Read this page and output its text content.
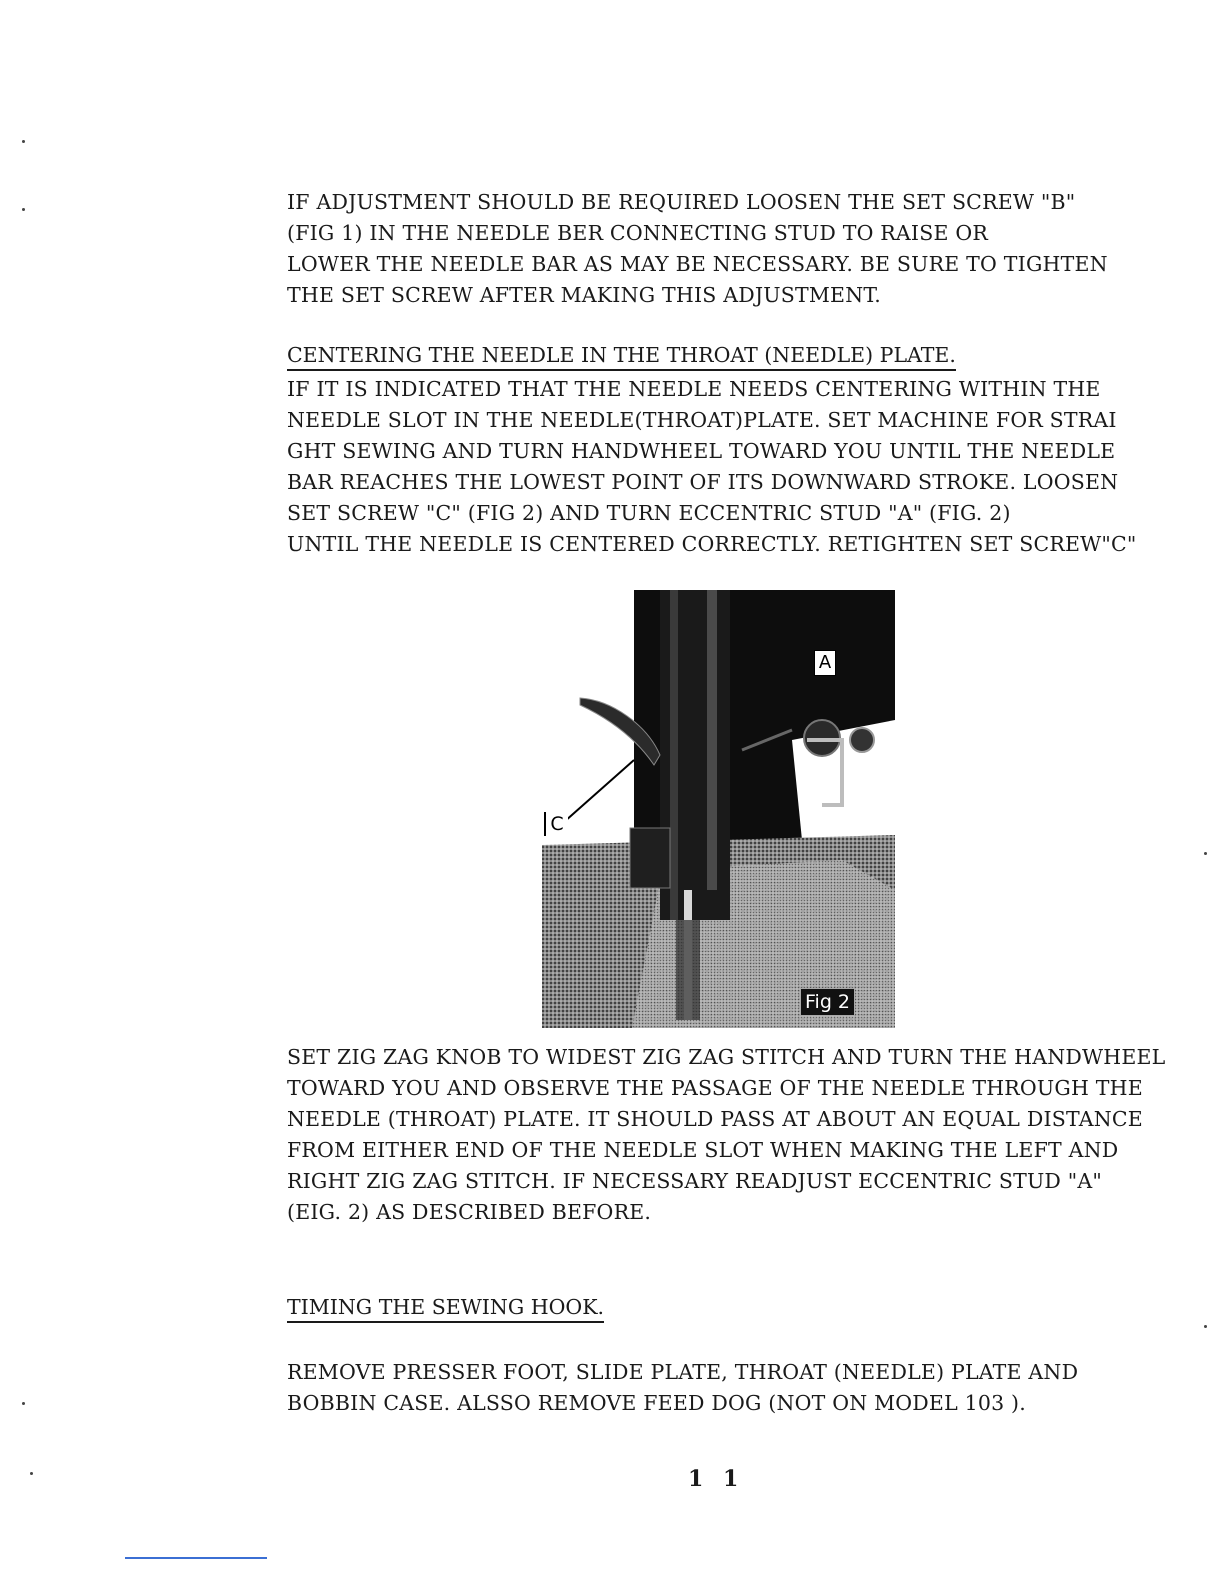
IF ADJUSTMENT SHOULD BE REQUIRED LOOSEN THE SET SCREW "B"
(FIG 1) IN THE NEEDLE BER CONNECTING STUD TO RAISE OR
LOWER THE NEEDLE BAR AS MAY BE NECESSARY. BE SURE TO TIGHTEN
THE SET SCREW AFTER MAKING THIS ADJUSTMENT.
CENTERING THE NEEDLE IN THE THROAT (NEEDLE) PLATE.
IF IT IS INDICATED THAT THE NEEDLE NEEDS CENTERING WITHIN THE
NEEDLE SLOT IN THE NEEDLE(THROAT)PLATE. SET MACHINE FOR STRAI
GHT SEWING AND TURN HANDWHEEL TOWARD YOU UNTIL THE NEEDLE
BAR REACHES THE LOWEST POINT OF ITS DOWNWARD STROKE. LOOSEN
SET SCREW "C" (FIG 2) AND TURN ECCENTRIC STUD "A" (FIG. 2)
UNTIL THE NEEDLE IS CENTERED CORRECTLY. RETIGHTEN SET SCREW"C"
A
C
Fig 2
SET ZIG ZAG KNOB TO WIDEST ZIG ZAG STITCH AND TURN THE HANDWHEEL
TOWARD YOU AND OBSERVE THE PASSAGE OF THE NEEDLE THROUGH THE
NEEDLE (THROAT) PLATE. IT SHOULD PASS AT ABOUT AN EQUAL DISTANCE
FROM EITHER END OF THE NEEDLE SLOT WHEN MAKING THE LEFT AND
RIGHT ZIG ZAG STITCH. IF NECESSARY READJUST ECCENTRIC STUD "A"
(EIG. 2) AS DESCRIBED BEFORE.
TIMING THE SEWING HOOK.
REMOVE PRESSER FOOT, SLIDE PLATE, THROAT (NEEDLE) PLATE AND
BOBBIN CASE. ALSSO REMOVE FEED DOG (NOT ON MODEL 103 ).
1 1
